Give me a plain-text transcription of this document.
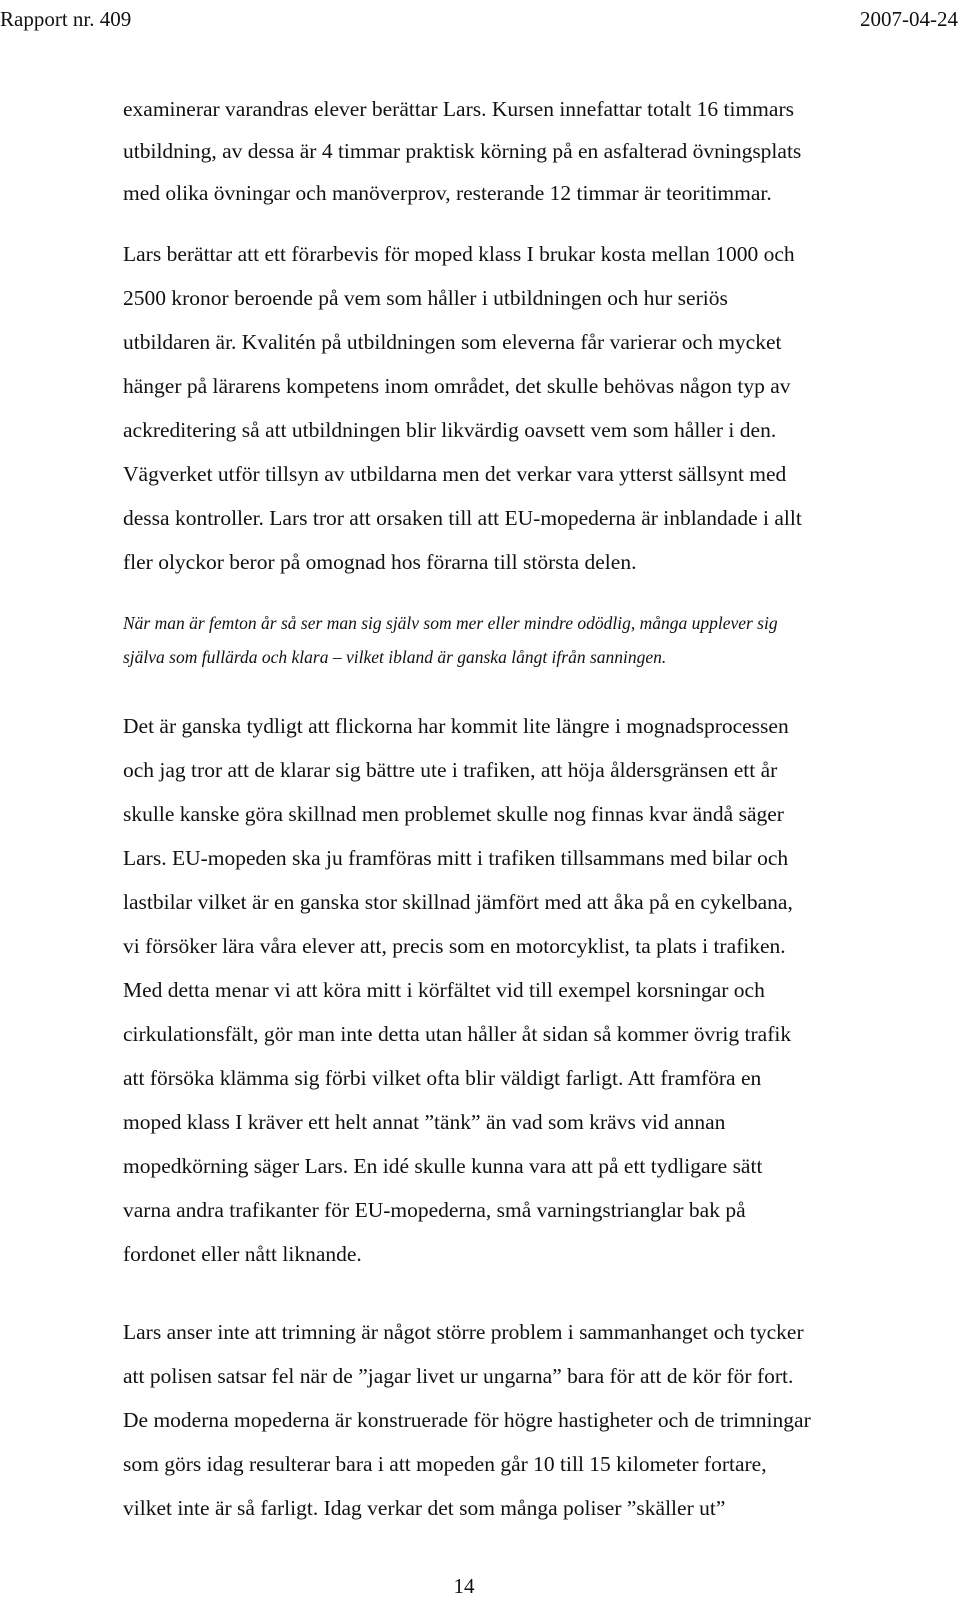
Rapport nr. 409	2007-04-24

examinerar varandras elever berättar Lars. Kursen innefattar totalt 16 timmars
utbildning, av dessa är 4 timmar praktisk körning på en asfalterad övningsplats
med olika övningar och manöverprov, resterande 12 timmar är teoritimmar.

Lars berättar att ett förarbevis för moped klass I brukar kosta mellan 1000 och
2500 kronor beroende på vem som håller i utbildningen och hur seriös
utbildaren är. Kvalitén på utbildningen som eleverna får varierar och mycket
hänger på lärarens kompetens inom området, det skulle behövas någon typ av
ackreditering så att utbildningen blir likvärdig oavsett vem som håller i den.
Vägverket utför tillsyn av utbildarna men det verkar vara ytterst sällsynt med
dessa kontroller. Lars tror att orsaken till att EU-mopederna är inblandade i allt
fler olyckor beror på omognad hos förarna till största delen.

När man är femton år så ser man sig själv som mer eller mindre odödlig, många upplever sig
själva som fullärda och klara – vilket ibland är ganska långt ifrån sanningen.

Det är ganska tydligt att flickorna har kommit lite längre i mognadsprocessen
och jag tror att de klarar sig bättre ute i trafiken, att höja åldersgränsen ett år
skulle kanske göra skillnad men problemet skulle nog finnas kvar ändå säger
Lars. EU-mopeden ska ju framföras mitt i trafiken tillsammans med bilar och
lastbilar vilket är en ganska stor skillnad jämfört med att åka på en cykelbana,
vi försöker lära våra elever att, precis som en motorcyklist, ta plats i trafiken.
Med detta menar vi att köra mitt i körfältet vid till exempel korsningar och
cirkulationsfält, gör man inte detta utan håller åt sidan så kommer övrig trafik
att försöka klämma sig förbi vilket ofta blir väldigt farligt. Att framföra en
moped klass I kräver ett helt annat ”tänk” än vad som krävs vid annan
mopedkörning säger Lars. En idé skulle kunna vara att på ett tydligare sätt
varna andra trafikanter för EU-mopederna, små varningstrianglar bak på
fordonet eller nått liknande.

Lars anser inte att trimning är något större problem i sammanhanget och tycker
att polisen satsar fel när de ”jagar livet ur ungarna” bara för att de kör för fort.
De moderna mopederna är konstruerade för högre hastigheter och de trimningar
som görs idag resulterar bara i att mopeden går 10 till 15 kilometer fortare,
vilket inte är så farligt. Idag verkar det som många poliser ”skäller ut”

14
